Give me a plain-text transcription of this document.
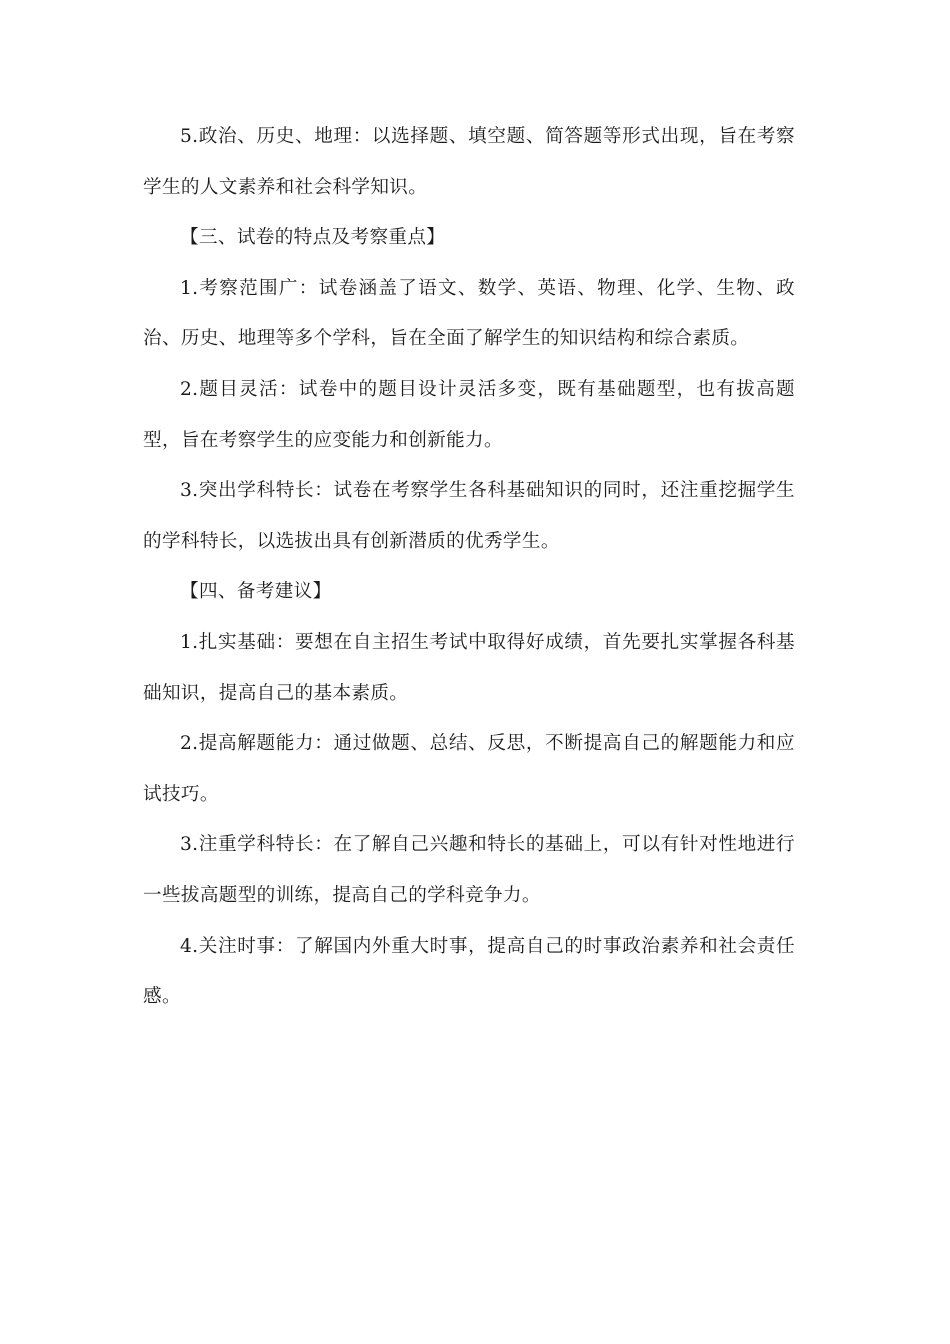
5.政治、历史、地理：以选择题、填空题、简答题等形式出现，旨在考察学生的人文素养和社会科学知识。

【三、试卷的特点及考察重点】

1.考察范围广：试卷涵盖了语文、数学、英语、物理、化学、生物、政治、历史、地理等多个学科，旨在全面了解学生的知识结构和综合素质。

2.题目灵活：试卷中的题目设计灵活多变，既有基础题型，也有拔高题型，旨在考察学生的应变能力和创新能力。

3.突出学科特长：试卷在考察学生各科基础知识的同时，还注重挖掘学生的学科特长，以选拔出具有创新潜质的优秀学生。

【四、备考建议】

1.扎实基础：要想在自主招生考试中取得好成绩，首先要扎实掌握各科基础知识，提高自己的基本素质。

2.提高解题能力：通过做题、总结、反思，不断提高自己的解题能力和应试技巧。

3.注重学科特长：在了解自己兴趣和特长的基础上，可以有针对性地进行一些拔高题型的训练，提高自己的学科竞争力。

4.关注时事：了解国内外重大时事，提高自己的时事政治素养和社会责任感。
